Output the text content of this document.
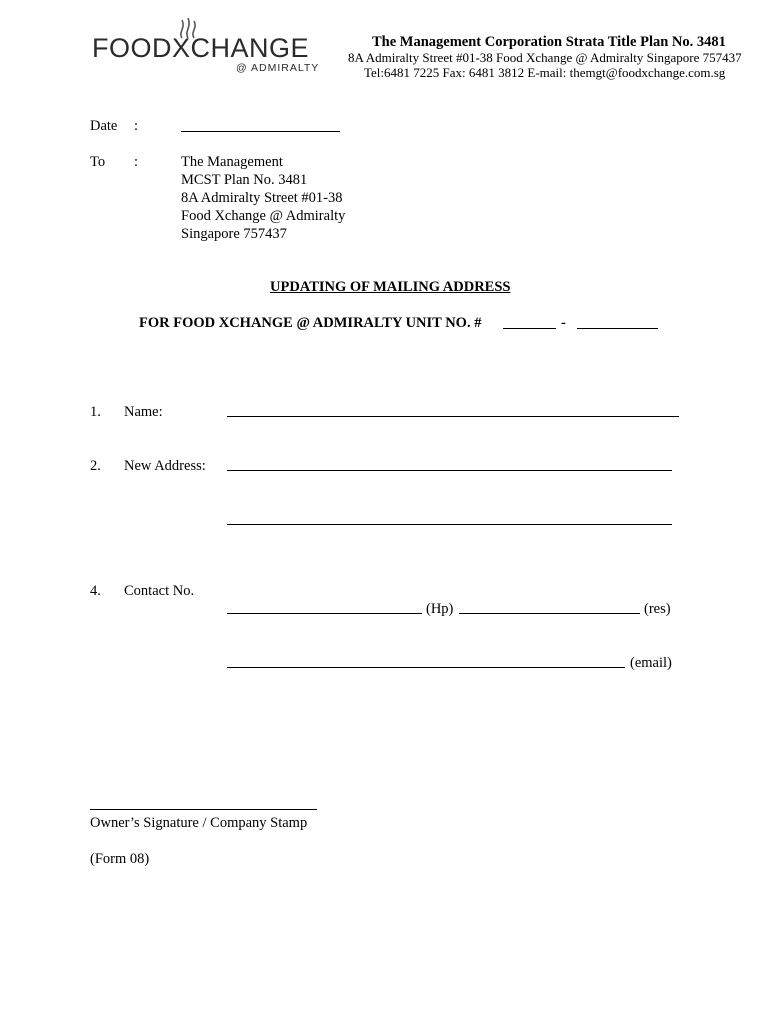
FOODXCHANGE
@ ADMIRALTY
The Management Corporation Strata Title Plan No. 3481
8A Admiralty Street #01-38 Food Xchange @ Admiralty Singapore 757437
Tel:6481 7225 Fax: 6481 3812 E-mail: themgt@foodxchange.com.sg
Date :
To :	The Management
MCST Plan No. 3481
8A Admiralty Street #01-38
Food Xchange @ Admiralty
Singapore 757437
UPDATING OF MAILING ADDRESS
FOR FOOD XCHANGE @ ADMIRALTY UNIT NO. #	-
1. Name:
2. New Address:
4. Contact No.
(Hp)	(res)
(email)
Owner’s Signature / Company Stamp
(Form 08)
